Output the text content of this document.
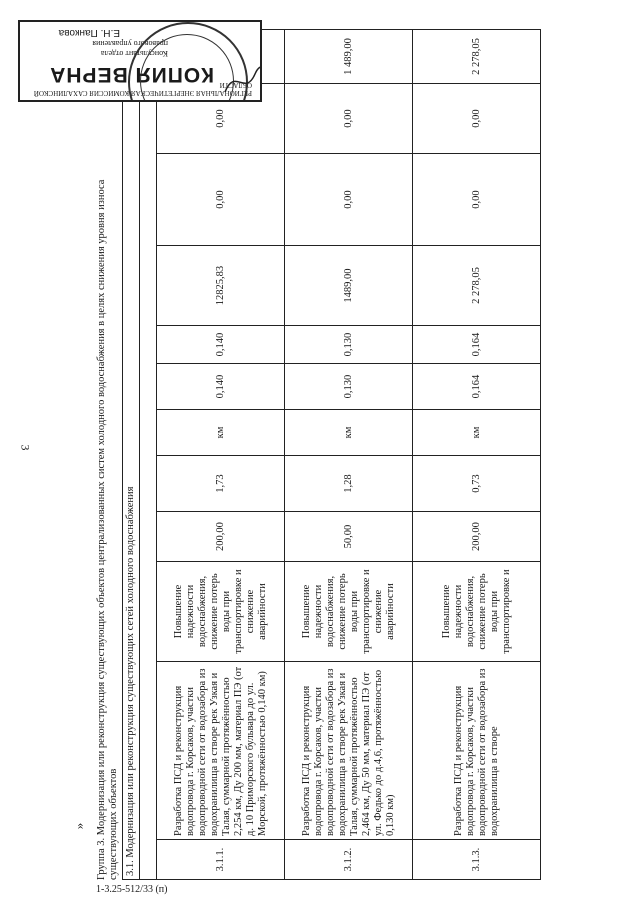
3
«
1-3.25-512/33 (п)
Группа 3. Модернизация или реконструкция существующих объектов централизованных систем холодного водоснабжения в целях снижения уровня износа существующих объектов 3.1. Модернизация или реконструкция существующих сетей холодного водоснабжения											

3.1.1.	Разработка ПСД и реконструкция водопровода г. Корсаков, участки водопроводной сети от водозабора из водохранилища в створе рек Узкая и Талая, суммарной протяжённостью 2,254 км, Ду 200 мм, материал ПЭ (от д. 10 Приморского бульвара до ул. Морской, протяжённостью 0,140 км)	Повышение надежности водоснабжения, снижение потерь воды при транспортировке и снижение аварийности	200,00	1,73	км	0,140	0,140	12825,83	0,00	0,00	
3.1.2.	Разработка ПСД и реконструкция водопровода г. Корсаков, участки водопроводной сети от водозабора из водохранилища в створе рек Узкая и Талая, суммарной протяжённостью 2,464 км, Ду 50 мм, материал ПЭ (от ул. Федько до д.4,6, протяжённостью 0,130 км)	Повышение надежности водоснабжения, снижение потерь воды при транспортировке и снижение аварийности	50,00	1,28	км	0,130	0,130	1489,00	0,00	0,00	1 489,00
3.1.3.	Разработка ПСД и реконструкция водопровода г. Корсаков, участки водопроводной сети от водозабора из водохранилища в створе	Повышение надежности водоснабжения, снижение потерь воды при транспортировке и	200,00	0,73	км	0,164	0,164	2 278,05	0,00	0,00	2 278,05
КОПИЯ ВЕРНА
РЕГИОНАЛЬНАЯ ЭНЕРГЕТИЧЕСКАЯ КОМИССИЯ САХАЛИНСКОЙ ОБЛАСТИ
Консультант отдела
правового управления
Е.Н. Панкова
